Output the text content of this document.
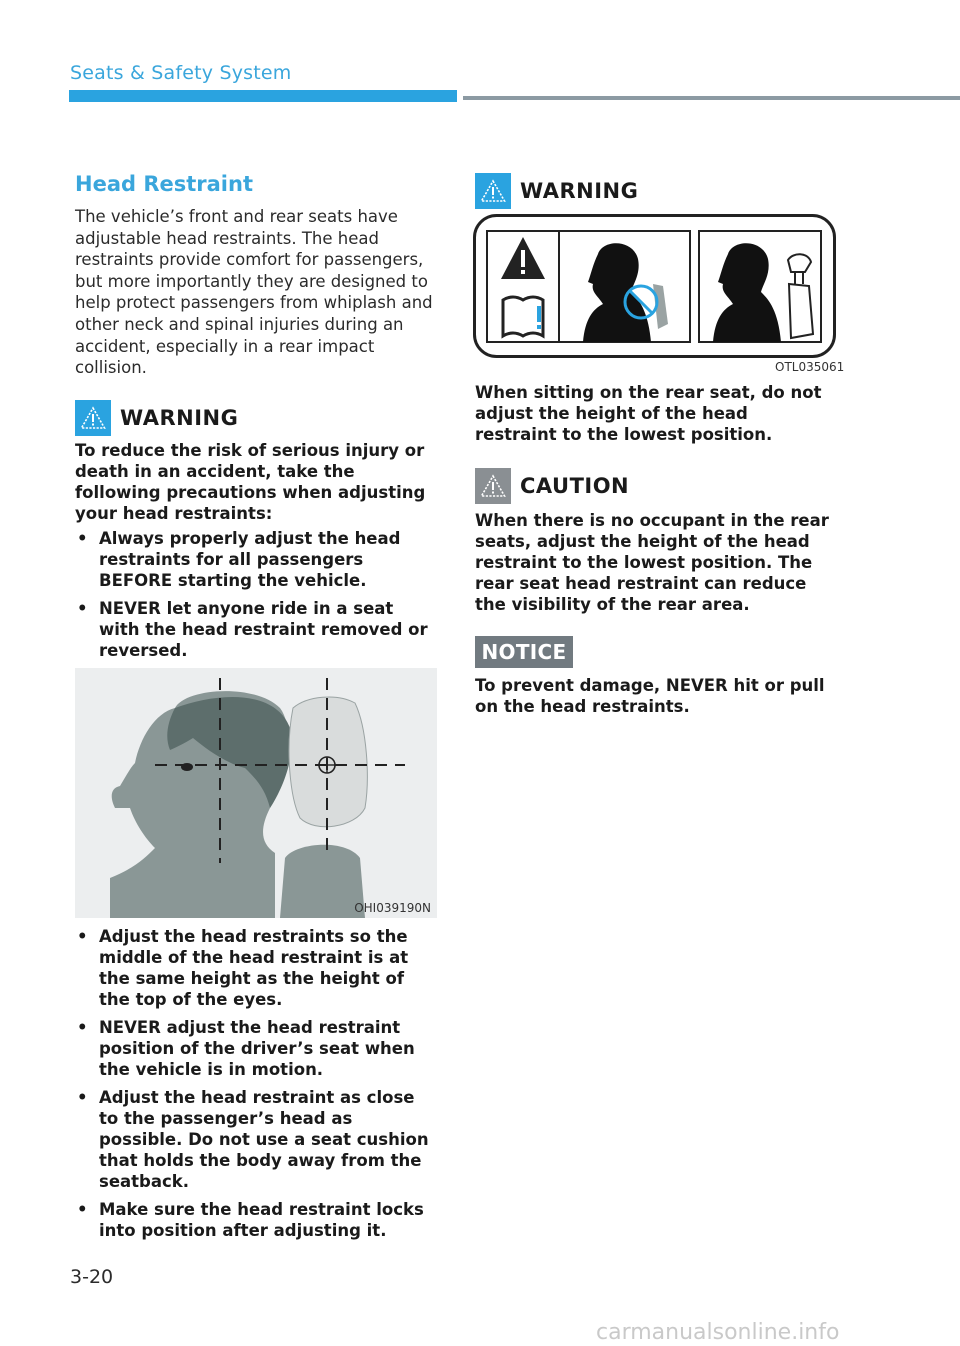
Seats & Safety System
Head Restraint
The vehicle’s front and rear seats have adjustable head restraints. The head restraints provide comfort for passengers, but more importantly they are designed to help protect passengers from whiplash and other neck and spinal injuries during an accident, especially in a rear impact collision.
WARNING
To reduce the risk of serious injury or death in an accident, take the following precautions when adjusting your head restraints:
• Always properly adjust the head restraints for all passengers BEFORE starting the vehicle.
• NEVER let anyone ride in a seat with the head restraint removed or reversed.
OHI039190N
• Adjust the head restraints so the middle of the head restraint is at the same height as the height of the top of the eyes.
• NEVER adjust the head restraint position of the driver’s seat when the vehicle is in motion.
• Adjust the head restraint as close to the passenger’s head as possible. Do not use a seat cushion that holds the body away from the seatback.
• Make sure the head restraint locks into position after adjusting it.
WARNING
OTL035061
When sitting on the rear seat, do not adjust the height of the head restraint to the lowest position.
CAUTION
When there is no occupant in the rear seats, adjust the height of the head restraint to the lowest position. The rear seat head restraint can reduce the visibility of the rear area.
NOTICE
To prevent damage, NEVER hit or pull on the head restraints.
3-20
carmanualsonline.info
